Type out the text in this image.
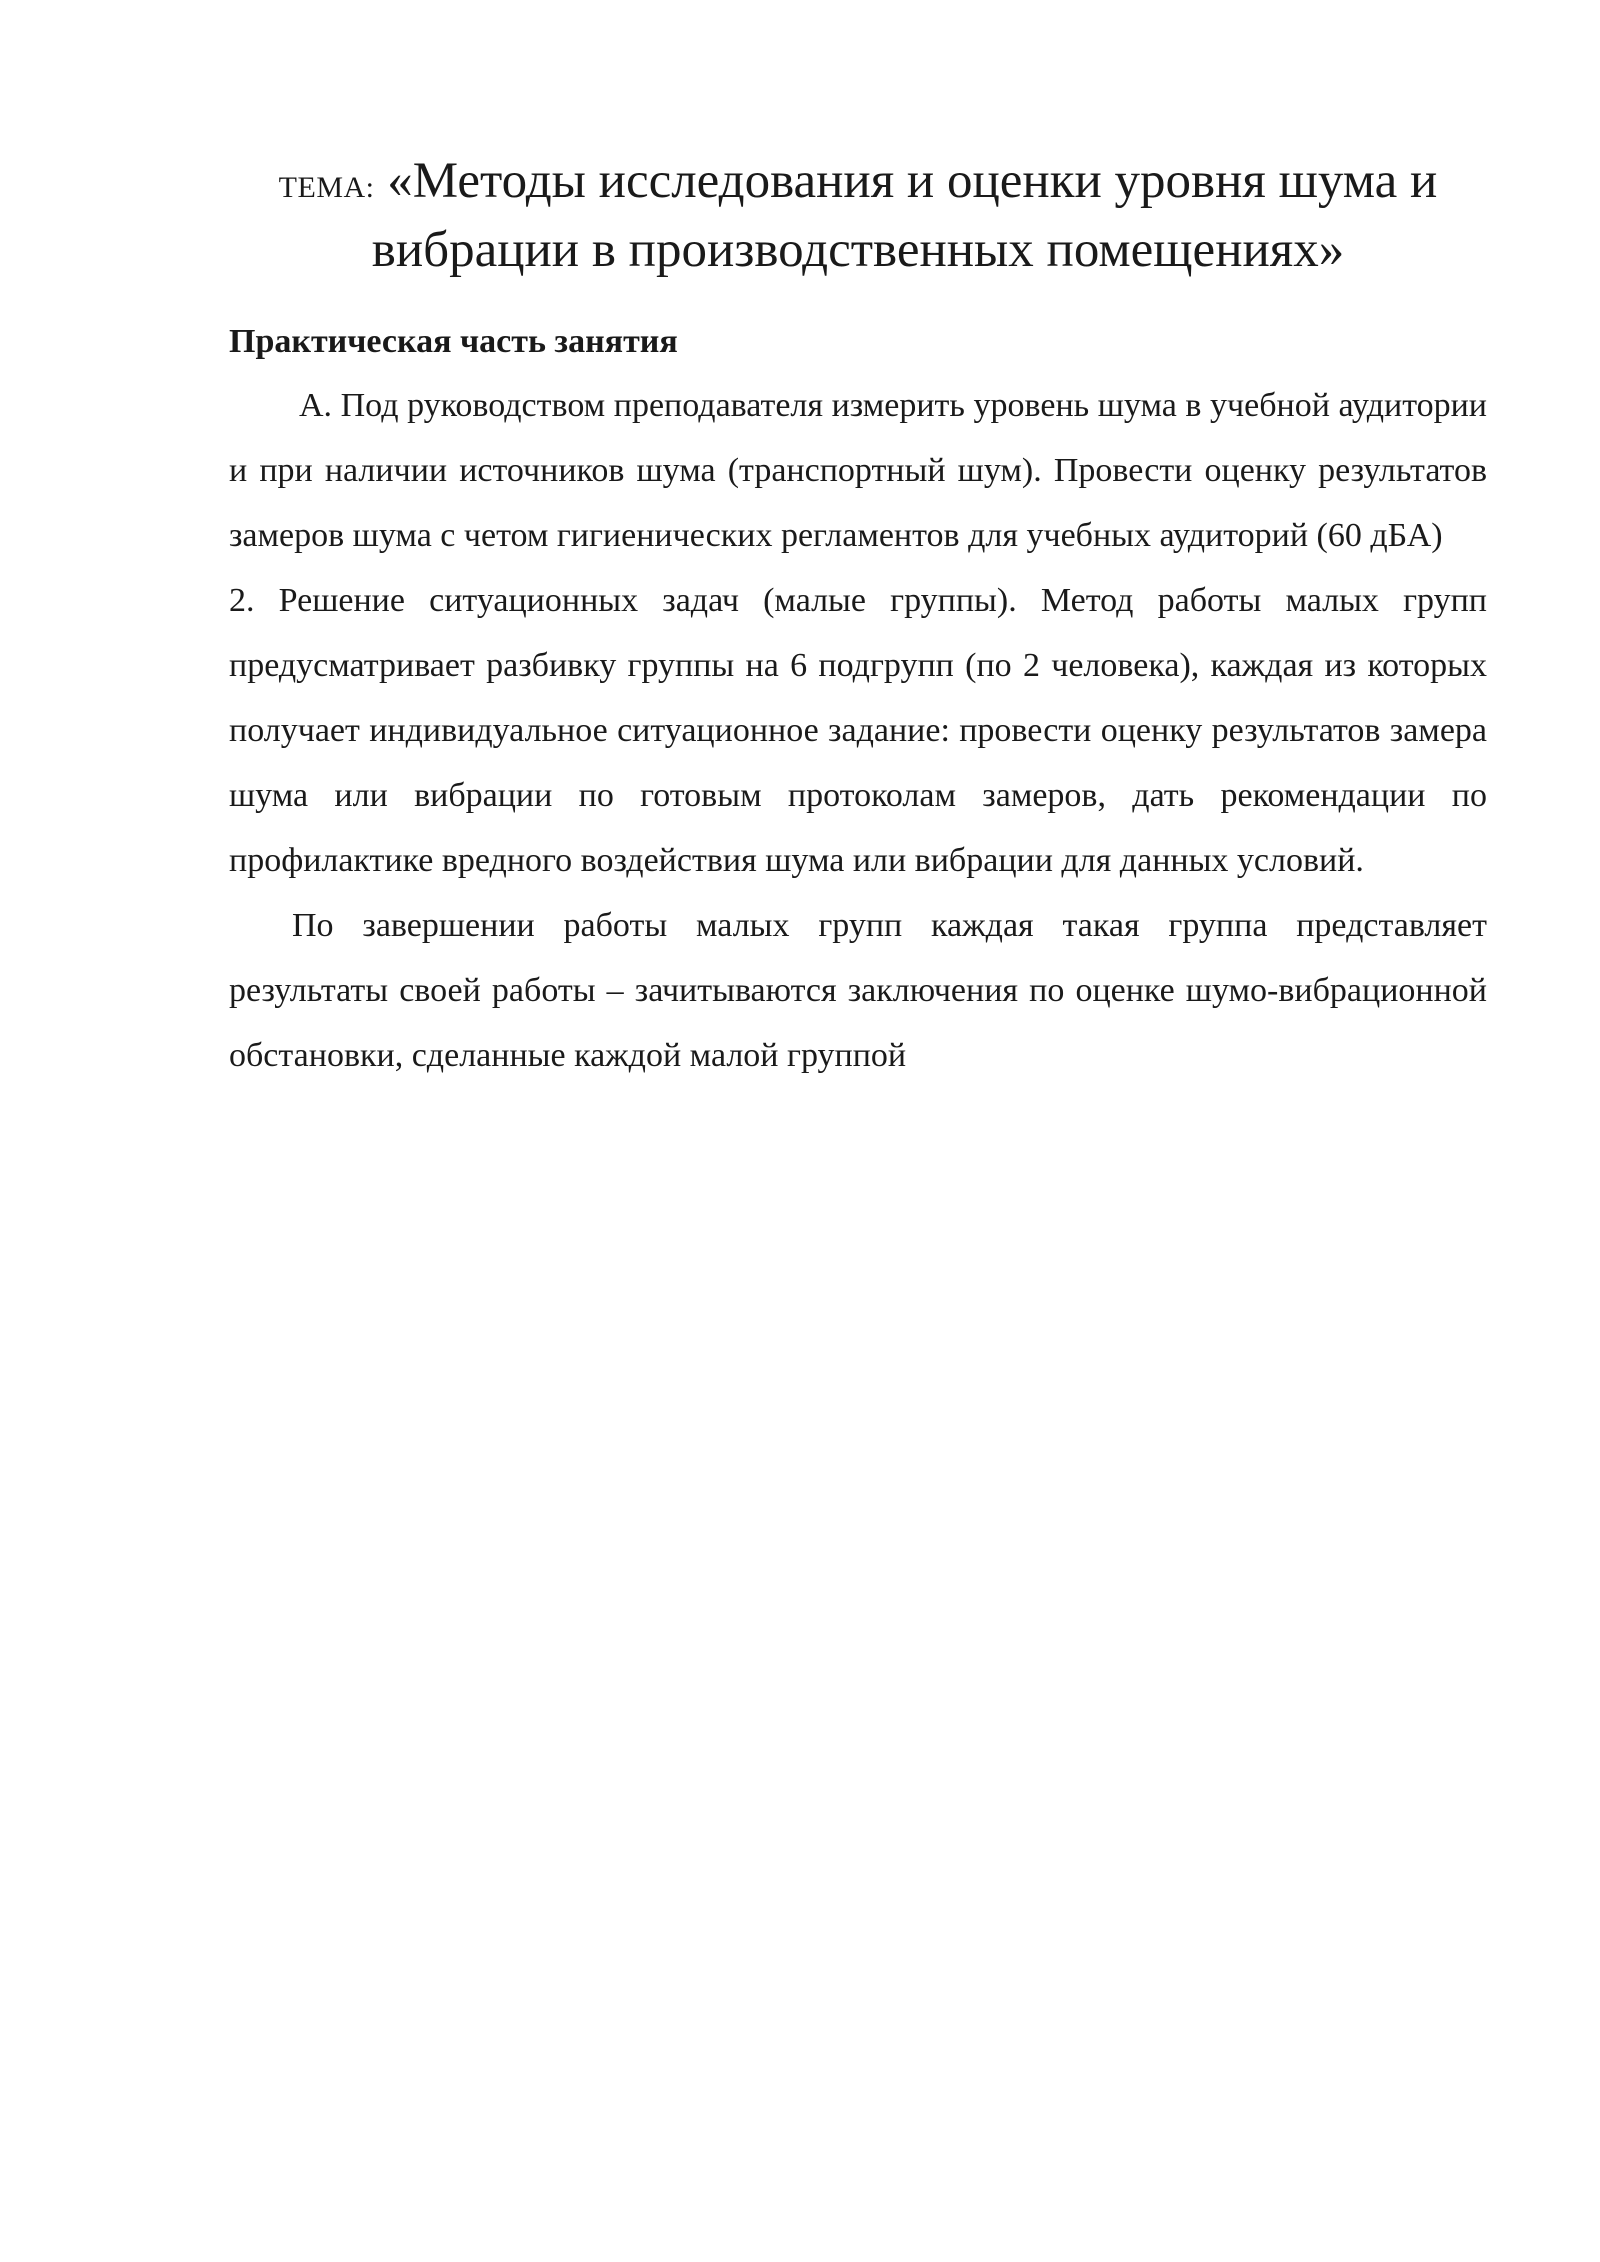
ТЕМА: «Методы исследования и оценки уровня шума и вибрации в производственных помещениях»
Практическая часть занятия

А. Под руководством преподавателя измерить уровень шума в учебной аудитории и при наличии источников шума (транспортный шум). Провести оценку результатов замеров шума с четом гигиенических регламентов для учебных аудиторий (60 дБА)

2. Решение ситуационных задач (малые группы). Метод работы малых групп предусматривает разбивку группы на 6 подгрупп (по 2 человека), каждая из которых получает индивидуальное ситуационное задание: провести оценку результатов замера шума или вибрации по готовым протоколам замеров, дать рекомендации по профилактике вредного воздействия шума или вибрации для данных условий.

По завершении работы малых групп каждая такая группа представляет результаты своей работы – зачитываются заключения по оценке шумо-вибрационной обстановки, сделанные каждой малой группой
